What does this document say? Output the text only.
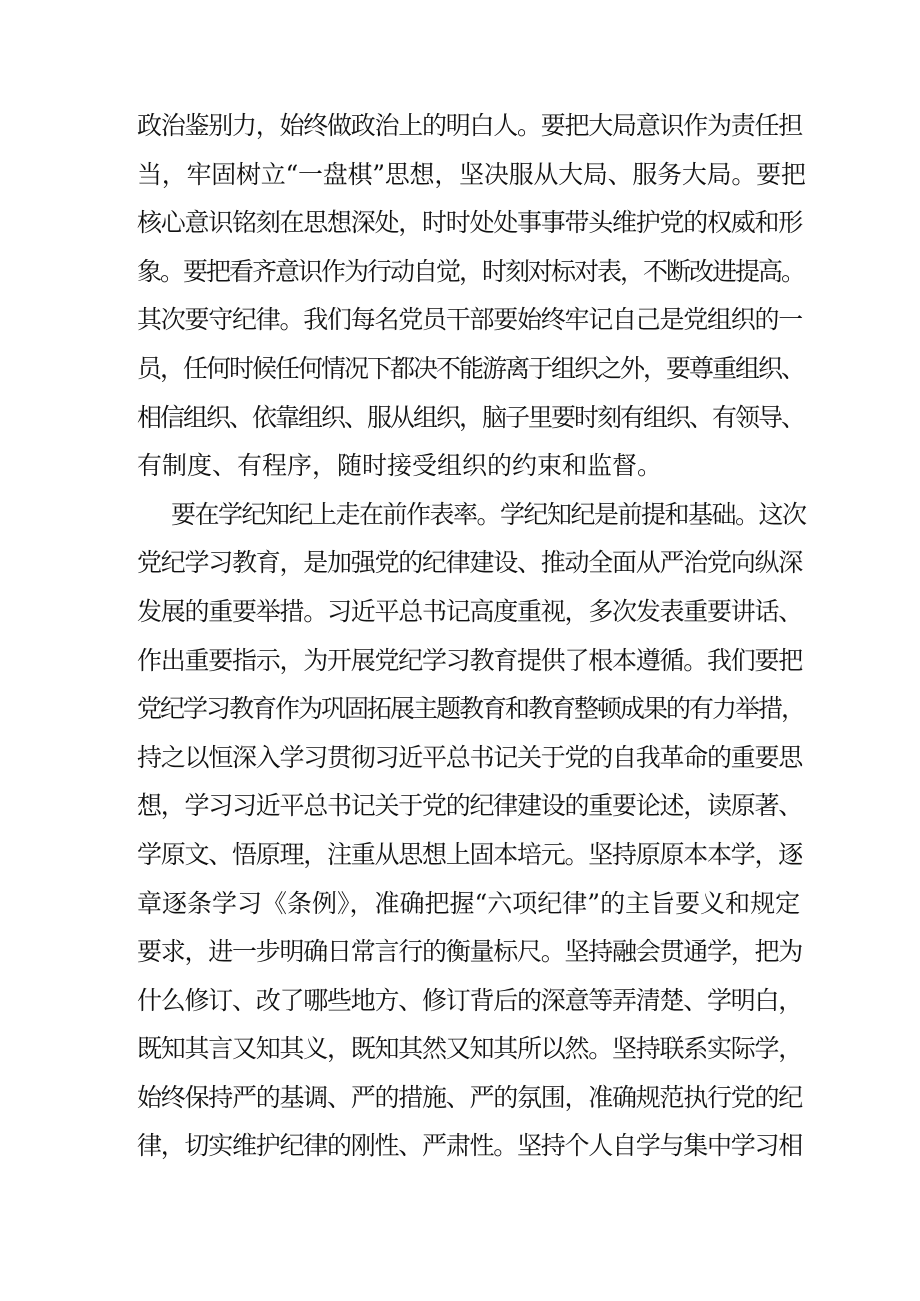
政治鉴别力，始终做政治上的明白人。要把大局意识作为责任担
当，牢固树立“一盘棋”思想，坚决服从大局、服务大局。要把
核心意识铭刻在思想深处，时时处处事事带头维护党的权威和形
象。要把看齐意识作为行动自觉，时刻对标对表，不断改进提高。
其次要守纪律。我们每名党员干部要始终牢记自己是党组织的一
员，任何时候任何情况下都决不能游离于组织之外，要尊重组织、
相信组织、依靠组织、服从组织，脑子里要时刻有组织、有领导、
有制度、有程序，随时接受组织的约束和监督。
要在学纪知纪上走在前作表率。学纪知纪是前提和基础。这次
党纪学习教育，是加强党的纪律建设、推动全面从严治党向纵深
发展的重要举措。习近平总书记高度重视，多次发表重要讲话、
作出重要指示，为开展党纪学习教育提供了根本遵循。我们要把
党纪学习教育作为巩固拓展主题教育和教育整顿成果的有力举措，
持之以恒深入学习贯彻习近平总书记关于党的自我革命的重要思
想，学习习近平总书记关于党的纪律建设的重要论述，读原著、
学原文、悟原理，注重从思想上固本培元。坚持原原本本学，逐
章逐条学习《条例》，准确把握“六项纪律”的主旨要义和规定
要求，进一步明确日常言行的衡量标尺。坚持融会贯通学，把为
什么修订、改了哪些地方、修订背后的深意等弄清楚、学明白，
既知其言又知其义，既知其然又知其所以然。坚持联系实际学，
始终保持严的基调、严的措施、严的氛围，准确规范执行党的纪
律，切实维护纪律的刚性、严肃性。坚持个人自学与集中学习相
